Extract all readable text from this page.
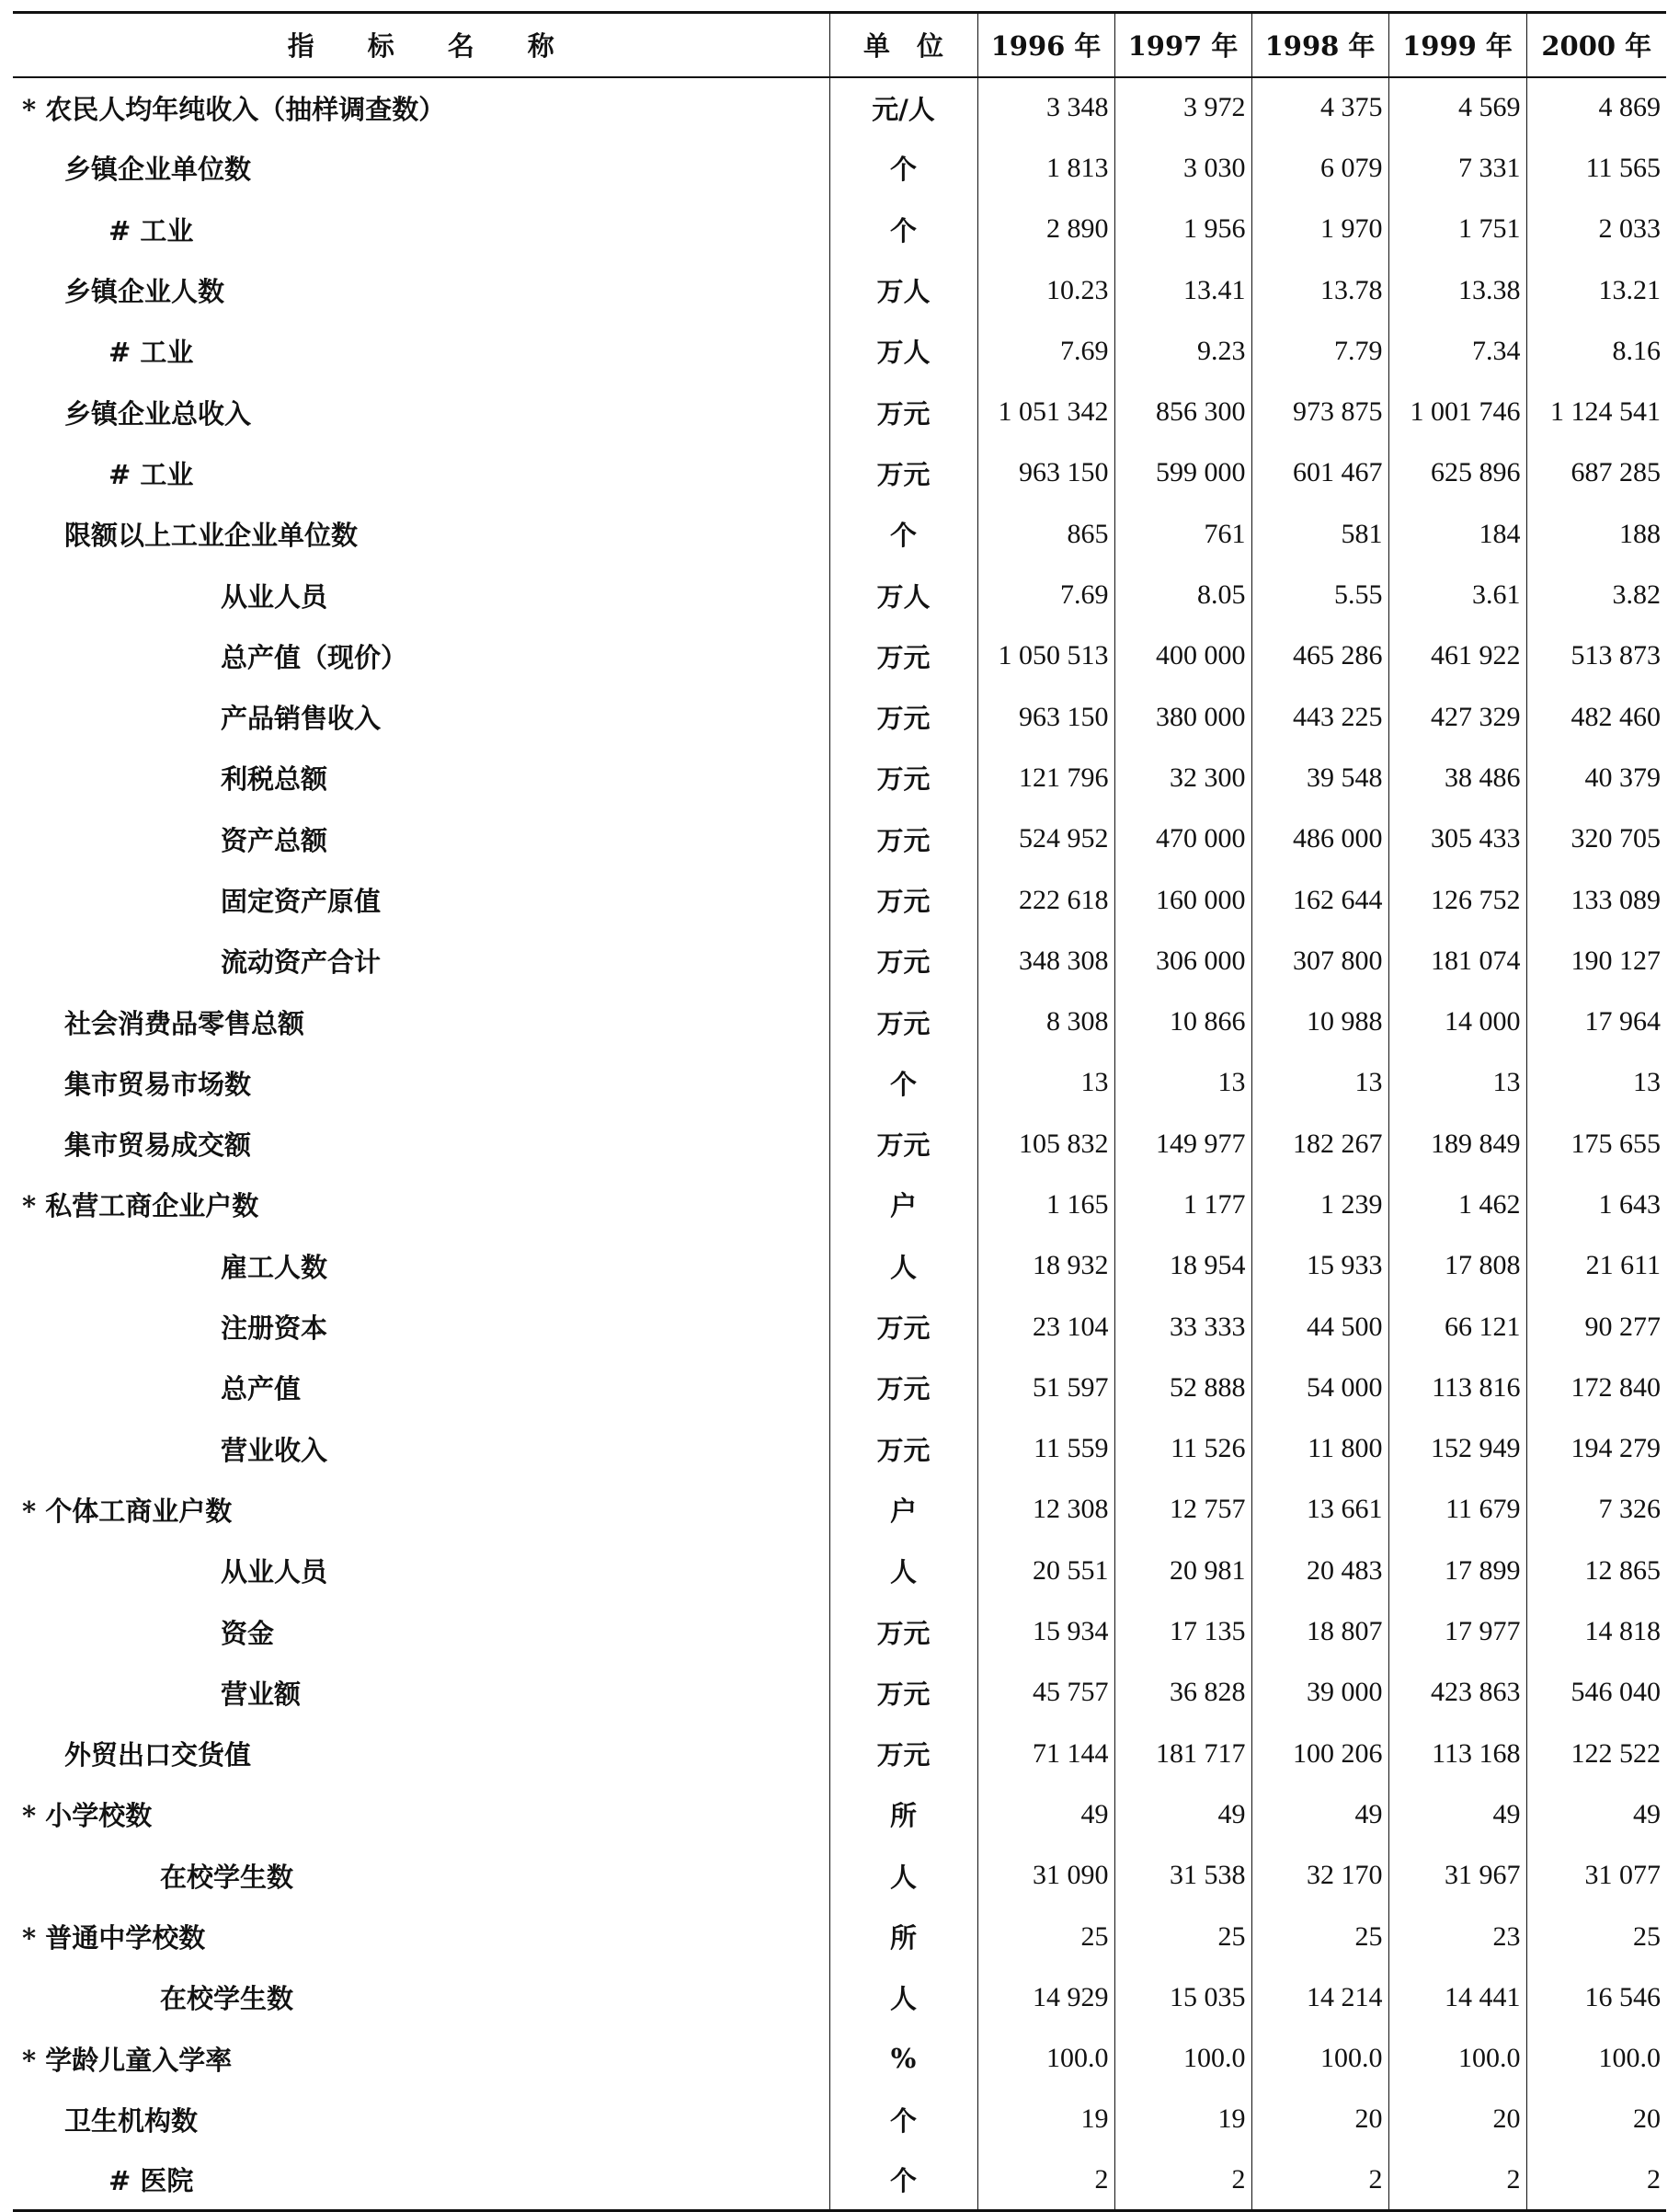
指　　标　　名　　称	单　位	1996 年	1997 年	1998 年	1999 年	2000 年
* 农民人均年纯收入（抽样调查数）	元/人	3 348	3 972	4 375	4 569	4 869
乡镇企业单位数	个	1 813	3 030	6 079	7 331	11 565
# 工业	个	2 890	1 956	1 970	1 751	2 033
乡镇企业人数	万人	10.23	13.41	13.78	13.38	13.21
# 工业	万人	7.69	9.23	7.79	7.34	8.16
乡镇企业总收入	万元	1 051 342	856 300	973 875	1 001 746	1 124 541
# 工业	万元	963 150	599 000	601 467	625 896	687 285
限额以上工业企业单位数	个	865	761	581	184	188
从业人员	万人	7.69	8.05	5.55	3.61	3.82
总产值（现价）	万元	1 050 513	400 000	465 286	461 922	513 873
产品销售收入	万元	963 150	380 000	443 225	427 329	482 460
利税总额	万元	121 796	32 300	39 548	38 486	40 379
资产总额	万元	524 952	470 000	486 000	305 433	320 705
固定资产原值	万元	222 618	160 000	162 644	126 752	133 089
流动资产合计	万元	348 308	306 000	307 800	181 074	190 127
社会消费品零售总额	万元	8 308	10 866	10 988	14 000	17 964
集市贸易市场数	个	13	13	13	13	13
集市贸易成交额	万元	105 832	149 977	182 267	189 849	175 655
* 私营工商企业户数	户	1 165	1 177	1 239	1 462	1 643
雇工人数	人	18 932	18 954	15 933	17 808	21 611
注册资本	万元	23 104	33 333	44 500	66 121	90 277
总产值	万元	51 597	52 888	54 000	113 816	172 840
营业收入	万元	11 559	11 526	11 800	152 949	194 279
* 个体工商业户数	户	12 308	12 757	13 661	11 679	7 326
从业人员	人	20 551	20 981	20 483	17 899	12 865
资金	万元	15 934	17 135	18 807	17 977	14 818
营业额	万元	45 757	36 828	39 000	423 863	546 040
外贸出口交货值	万元	71 144	181 717	100 206	113 168	122 522
* 小学校数	所	49	49	49	49	49
在校学生数	人	31 090	31 538	32 170	31 967	31 077
* 普通中学校数	所	25	25	25	23	25
在校学生数	人	14 929	15 035	14 214	14 441	16 546
* 学龄儿童入学率	%	100.0	100.0	100.0	100.0	100.0
卫生机构数	个	19	19	20	20	20
# 医院	个	2	2	2	2	2
